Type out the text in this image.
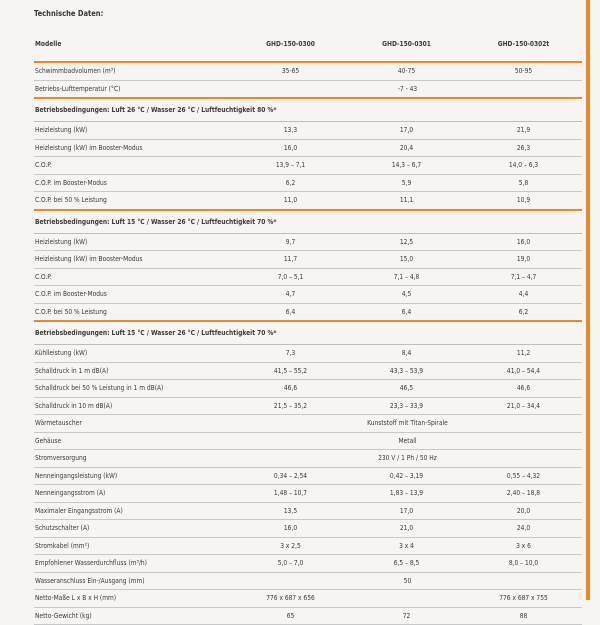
Technische Daten:
Modelle	GHD-150-0300	GHD-150-0301	GHD-150-0302t
Schwimmbadvolumen (m³)	35-65	40-75	50-95
Betriebs-Lufttemperatur (°C)	-7 - 43		
Betriebsbedingungen: Luft 26 °C / Wasser 26 °C / Luftfeuchtigkeit 80 %*			
Heizleistung (kW)	13,3	17,0	21,9
Heizleistung (kW) im Booster-Modus	16,0	20,4	26,3
C.O.P.	13,9 – 7,1	14,3 – 6,7	14,0 – 6,3
C.O.P. im Booster-Modus	6,2	5,9	5,8
C.O.P. bei 50 % Leistung	11,0	11,1	10,9
Betriebsbedingungen: Luft 15 °C / Wasser 26 °C / Luftfeuchtigkeit 70 %*			
Heizleistung (kW)	9,7	12,5	16,0
Heizleistung (kW) im Booster-Modus	11,7	15,0	19,0
C.O.P.	7,0 – 5,1	7,1 – 4,8	7,1 – 4,7
C.O.P. im Booster-Modus	4,7	4,5	4,4
C.O.P. bei 50 % Leistung	6,4	6,4	6,2
Betriebsbedingungen: Luft 15 °C / Wasser 26 °C / Luftfeuchtigkeit 70 %*			
Kühlleistung (kW)	7,3	8,4	11,2
Schalldruck in 1 m dB(A)	41,5 – 55,2	43,3 – 53,9	41,0 – 54,4
Schalldruck bei 50 % Leistung in 1 m dB(A)	46,6	46,5	46,6
Schalldruck in 10 m dB(A)	21,5 – 35,2	23,3 – 33,9	21,0 – 34,4
Wärmetauscher	Kunststoff mit Titan-Spirale		
Gehäuse	Metall		
Stromversorgung	230 V / 1 Ph / 50 Hz		
Nenneingangsleistung (kW)	0,34 – 2,54	0,42 – 3,19	0,55 – 4,32
Nenneingangsstrom (A)	1,48 – 10,7	1,83 – 13,9	2,40 – 18,8
Maximaler Eingangsstrom (A)	13,5	17,0	20,0
Schutzschalter (A)	16,0	21,0	24,0
Stromkabel (mm²)	3 x 2,5	3 x 4	3 x 6
Empfohlener Wasserdurchfluss (m³/h)	5,0 – 7,0	6,5 – 8,5	8,0 – 10,0
Wasseranschluss Ein-/Ausgang (mm)	50		
Netto-Maße L x B x H (mm)	776 x 687 x 656		776 x 687 x 755
Netto-Gewicht (kg)	65	72	88
